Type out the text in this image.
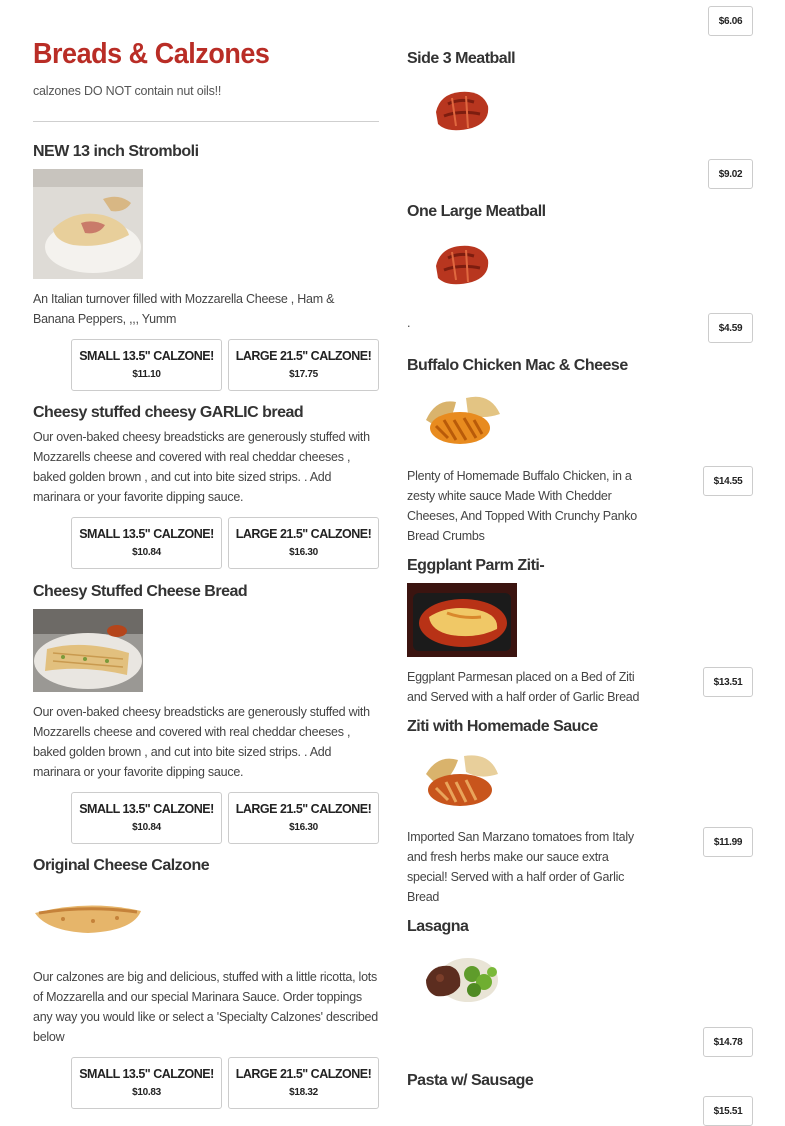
$6.06
Breads & Calzones

calzones DO NOT contain nut oils!!

NEW 13 inch Stromboli
An Italian turnover filled with Mozzarella Cheese , Ham & Banana Peppers, ,,, Yumm
SMALL 13.5" CALZONE!
$11.10
LARGE 21.5" CALZONE!
$17.75
Cheesy stuffed cheesy GARLIC bread
Our oven-baked cheesy breadsticks are generously stuffed with Mozzarells cheese and covered with real cheddar cheeses , baked golden brown , and cut into bite sized strips. . Add marinara or your favorite dipping sauce.
SMALL 13.5" CALZONE!
$10.84
LARGE 21.5" CALZONE!
$16.30
Cheesy Stuffed Cheese Bread
Our oven-baked cheesy breadsticks are generously stuffed with Mozzarells cheese and covered with real cheddar cheeses , baked golden brown , and cut into bite sized strips. . Add marinara or your favorite dipping sauce.
SMALL 13.5" CALZONE!
$10.84
LARGE 21.5" CALZONE!
$16.30
Original Cheese Calzone
Our calzones are big and delicious, stuffed with a little ricotta, lots of Mozzarella and our special Marinara Sauce. Order toppings any way you would like or select a 'Specialty Calzones' described below
SMALL 13.5" CALZONE!
$10.83
LARGE 21.5" CALZONE!
$18.32
Side 3 Meatball
$9.02
One Large Meatball
.	$4.59
Buffalo Chicken Mac & Cheese
Plenty of Homemade Buffalo Chicken, in a zesty white sauce Made With Chedder Cheeses, And Topped With Crunchy Panko Bread Crumbs
$14.55
Eggplant Parm Ziti-
Eggplant Parmesan placed on a Bed of Ziti and Served with a half order of Garlic Bread
$13.51
Ziti with Homemade Sauce
Imported San Marzano tomatoes from Italy and fresh herbs make our sauce extra special! Served with a half order of Garlic Bread
$11.99
Lasagna
$14.78
Pasta w/ Sausage
$15.51
